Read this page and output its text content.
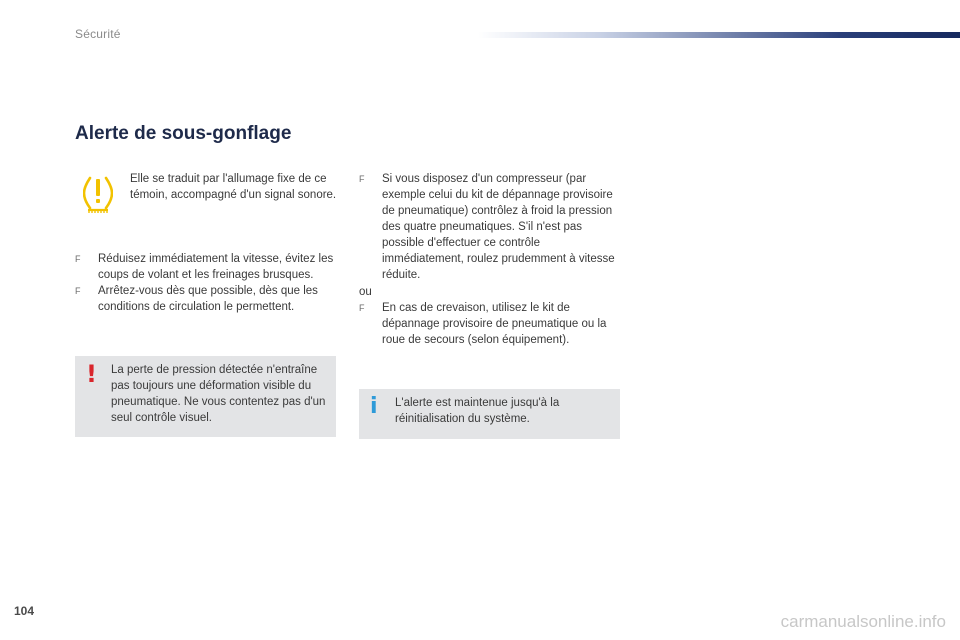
Sécurité
Alerte de sous-gonflage
Elle se traduit par l'allumage fixe de ce témoin, accompagné d'un signal sonore.
F Réduisez immédiatement la vitesse, évitez les coups de volant et les freinages brusques.
F Arrêtez-vous dès que possible, dès que les conditions de circulation le permettent.
F Si vous disposez d'un compresseur (par exemple celui du kit de dépannage provisoire de pneumatique) contrôlez à froid la pression des quatre pneumatiques. S'il n'est pas possible d'effectuer ce contrôle immédiatement, roulez prudemment à vitesse réduite.
ou
F En cas de crevaison, utilisez le kit de dépannage provisoire de pneumatique ou la roue de secours (selon équipement).
! La perte de pression détectée n'entraîne pas toujours une déformation visible du pneumatique. Ne vous contentez pas d'un seul contrôle visuel.	i L'alerte est maintenue jusqu'à la réinitialisation du système.
104
carmanualsonline.info
